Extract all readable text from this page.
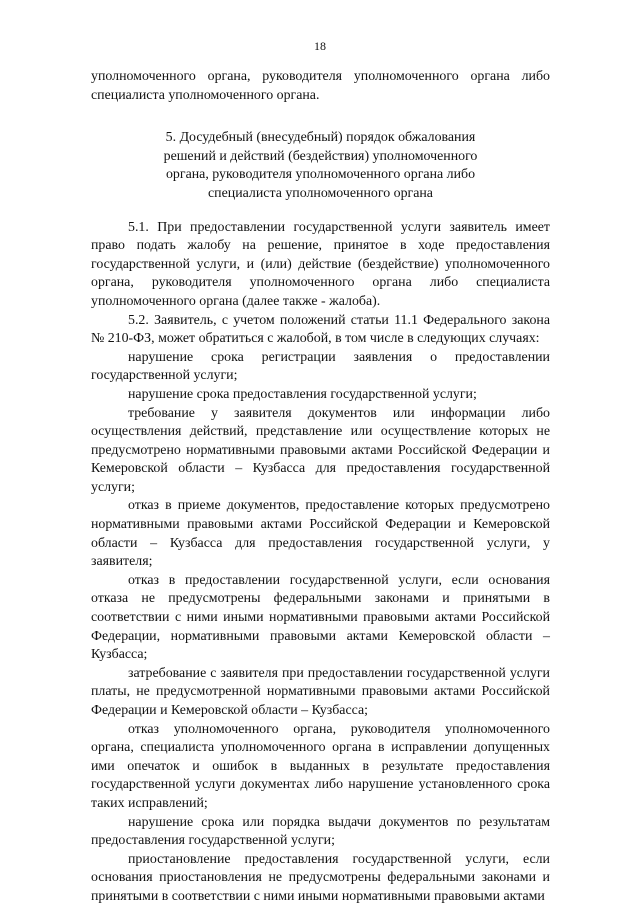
18

уполномоченного органа, руководителя уполномоченного органа либо специалиста уполномоченного органа.

5. Досудебный (внесудебный) порядок обжалования решений и действий (бездействия) уполномоченного органа, руководителя уполномоченного органа либо специалиста уполномоченного органа

5.1. При предоставлении государственной услуги заявитель имеет право подать жалобу на решение, принятое в ходе предоставления государственной услуги, и (или) действие (бездействие) уполномоченного органа, руководителя уполномоченного органа либо специалиста уполномоченного органа (далее также - жалоба).

5.2. Заявитель, с учетом положений статьи 11.1 Федерального закона № 210-ФЗ, может обратиться с жалобой, в том числе в следующих случаях:

нарушение срока регистрации заявления о предоставлении государственной услуги;

нарушение срока предоставления государственной услуги;

требование у заявителя документов или информации либо осуществления действий, представление или осуществление которых не предусмотрено нормативными правовыми актами Российской Федерации и Кемеровской области – Кузбасса для предоставления государственной услуги;

отказ в приеме документов, предоставление которых предусмотрено нормативными правовыми актами Российской Федерации и Кемеровской области – Кузбасса для предоставления государственной услуги, у заявителя;

отказ в предоставлении государственной услуги, если основания отказа не предусмотрены федеральными законами и принятыми в соответствии с ними иными нормативными правовыми актами Российской Федерации, нормативными правовыми актами Кемеровской области – Кузбасса;

затребование с заявителя при предоставлении государственной услуги платы, не предусмотренной нормативными правовыми актами Российской Федерации и Кемеровской области – Кузбасса;

отказ уполномоченного органа, руководителя уполномоченного органа, специалиста уполномоченного органа в исправлении допущенных ими опечаток и ошибок в выданных в результате предоставления государственной услуги документах либо нарушение установленного срока таких исправлений;

нарушение срока или порядка выдачи документов по результатам предоставления государственной услуги;

приостановление предоставления государственной услуги, если основания приостановления не предусмотрены федеральными законами и принятыми в соответствии с ними иными нормативными правовыми актами
